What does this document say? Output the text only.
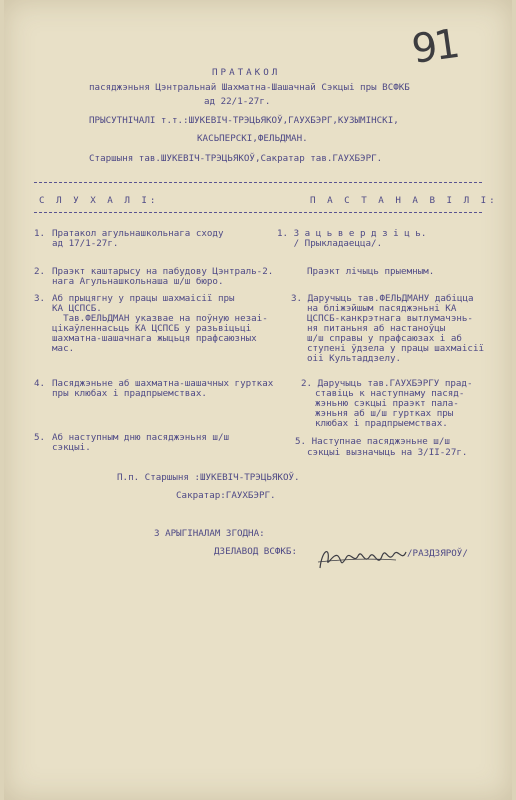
91
ПРАТАКОЛ
пасяджэньня Цэнтральнай Шахматна-Шашачнай Сэкцыі пры ВСФКБ
ад 22/1-27г.
ПРЫСУТНІЧАЛІ т.т.:ШУКЕВІЧ-ТРЭЦЬЯКОЎ,ГАУХБЭРГ,КУЗЫМІНСКІ,
КАСЬПЕРСКІ,ФЕЛЬДМАН.
Старшыня тав.ШУКЕВІЧ-ТРЭЦЬЯКОЎ,Сакратар тав.ГАУХБЭРГ.
С Л У Х А Л І:	П А С Т А Н А В І Л І:
1. Пратакол агульнашкольнага сходу
ад 17/1-27г.
1. З а ц ь в е р д з і ц ь.
/ Прыкладаецца/.
2. Праэкт каштарысу на пабудову Цэнтраль-2.
нага Агульнашкольнаша ш/ш бюро.
Праэкт лічыць прыемным.
3. Аб прыцягну у працы шахмаісії пры
КА ЦСПСБ.
Тав.ФЕЛЬДМАН указвае на поўную незаі-
цікаўленнасьць КА ЦСПСБ у разьвіцьці
шахматна-шашачнага жыцьця прафсаюзных
мас.
3. Даручыць тав.ФЕЛЬДМАНУ дабіцца
на бліжэйшым пасяджэньні КА
ЦСПСБ-канкрэтнага вытлумачэнь-
ня питаньня аб настаноўцы
ш/ш справы у прафсаюзах і аб
ступені ўдзела у працы шахмаісії
оіі Культаддзелу.
4. Пасяджэньне аб шахматна-шашачных гуртках
пры клюбах і прадпрыемствах.
2. Даручыць тав.ГАУХБЭРГУ прад-
ставіць к наступнаму пасяд-
жэньню сэкцыі праэкт пала-
жэньня аб ш/ш гуртках пры
клюбах і прадпрыемствах.
5. Аб наступным дню пасяджэньня ш/ш
сэкцыі.
5. Наступнае пасяджэньне ш/ш
сэкцыі вызначыць на 3/ІІ-27г.
П.п. Старшыня :ШУКЕВІЧ-ТРЭЦЬЯКОЎ.
Сакратар:ГАУХБЭРГ.
З АРЫГІНАЛАМ ЗГОДНА:
ДЗЕЛАВОД ВСФКБ:	/РАЗДЗЯРОЎ/
